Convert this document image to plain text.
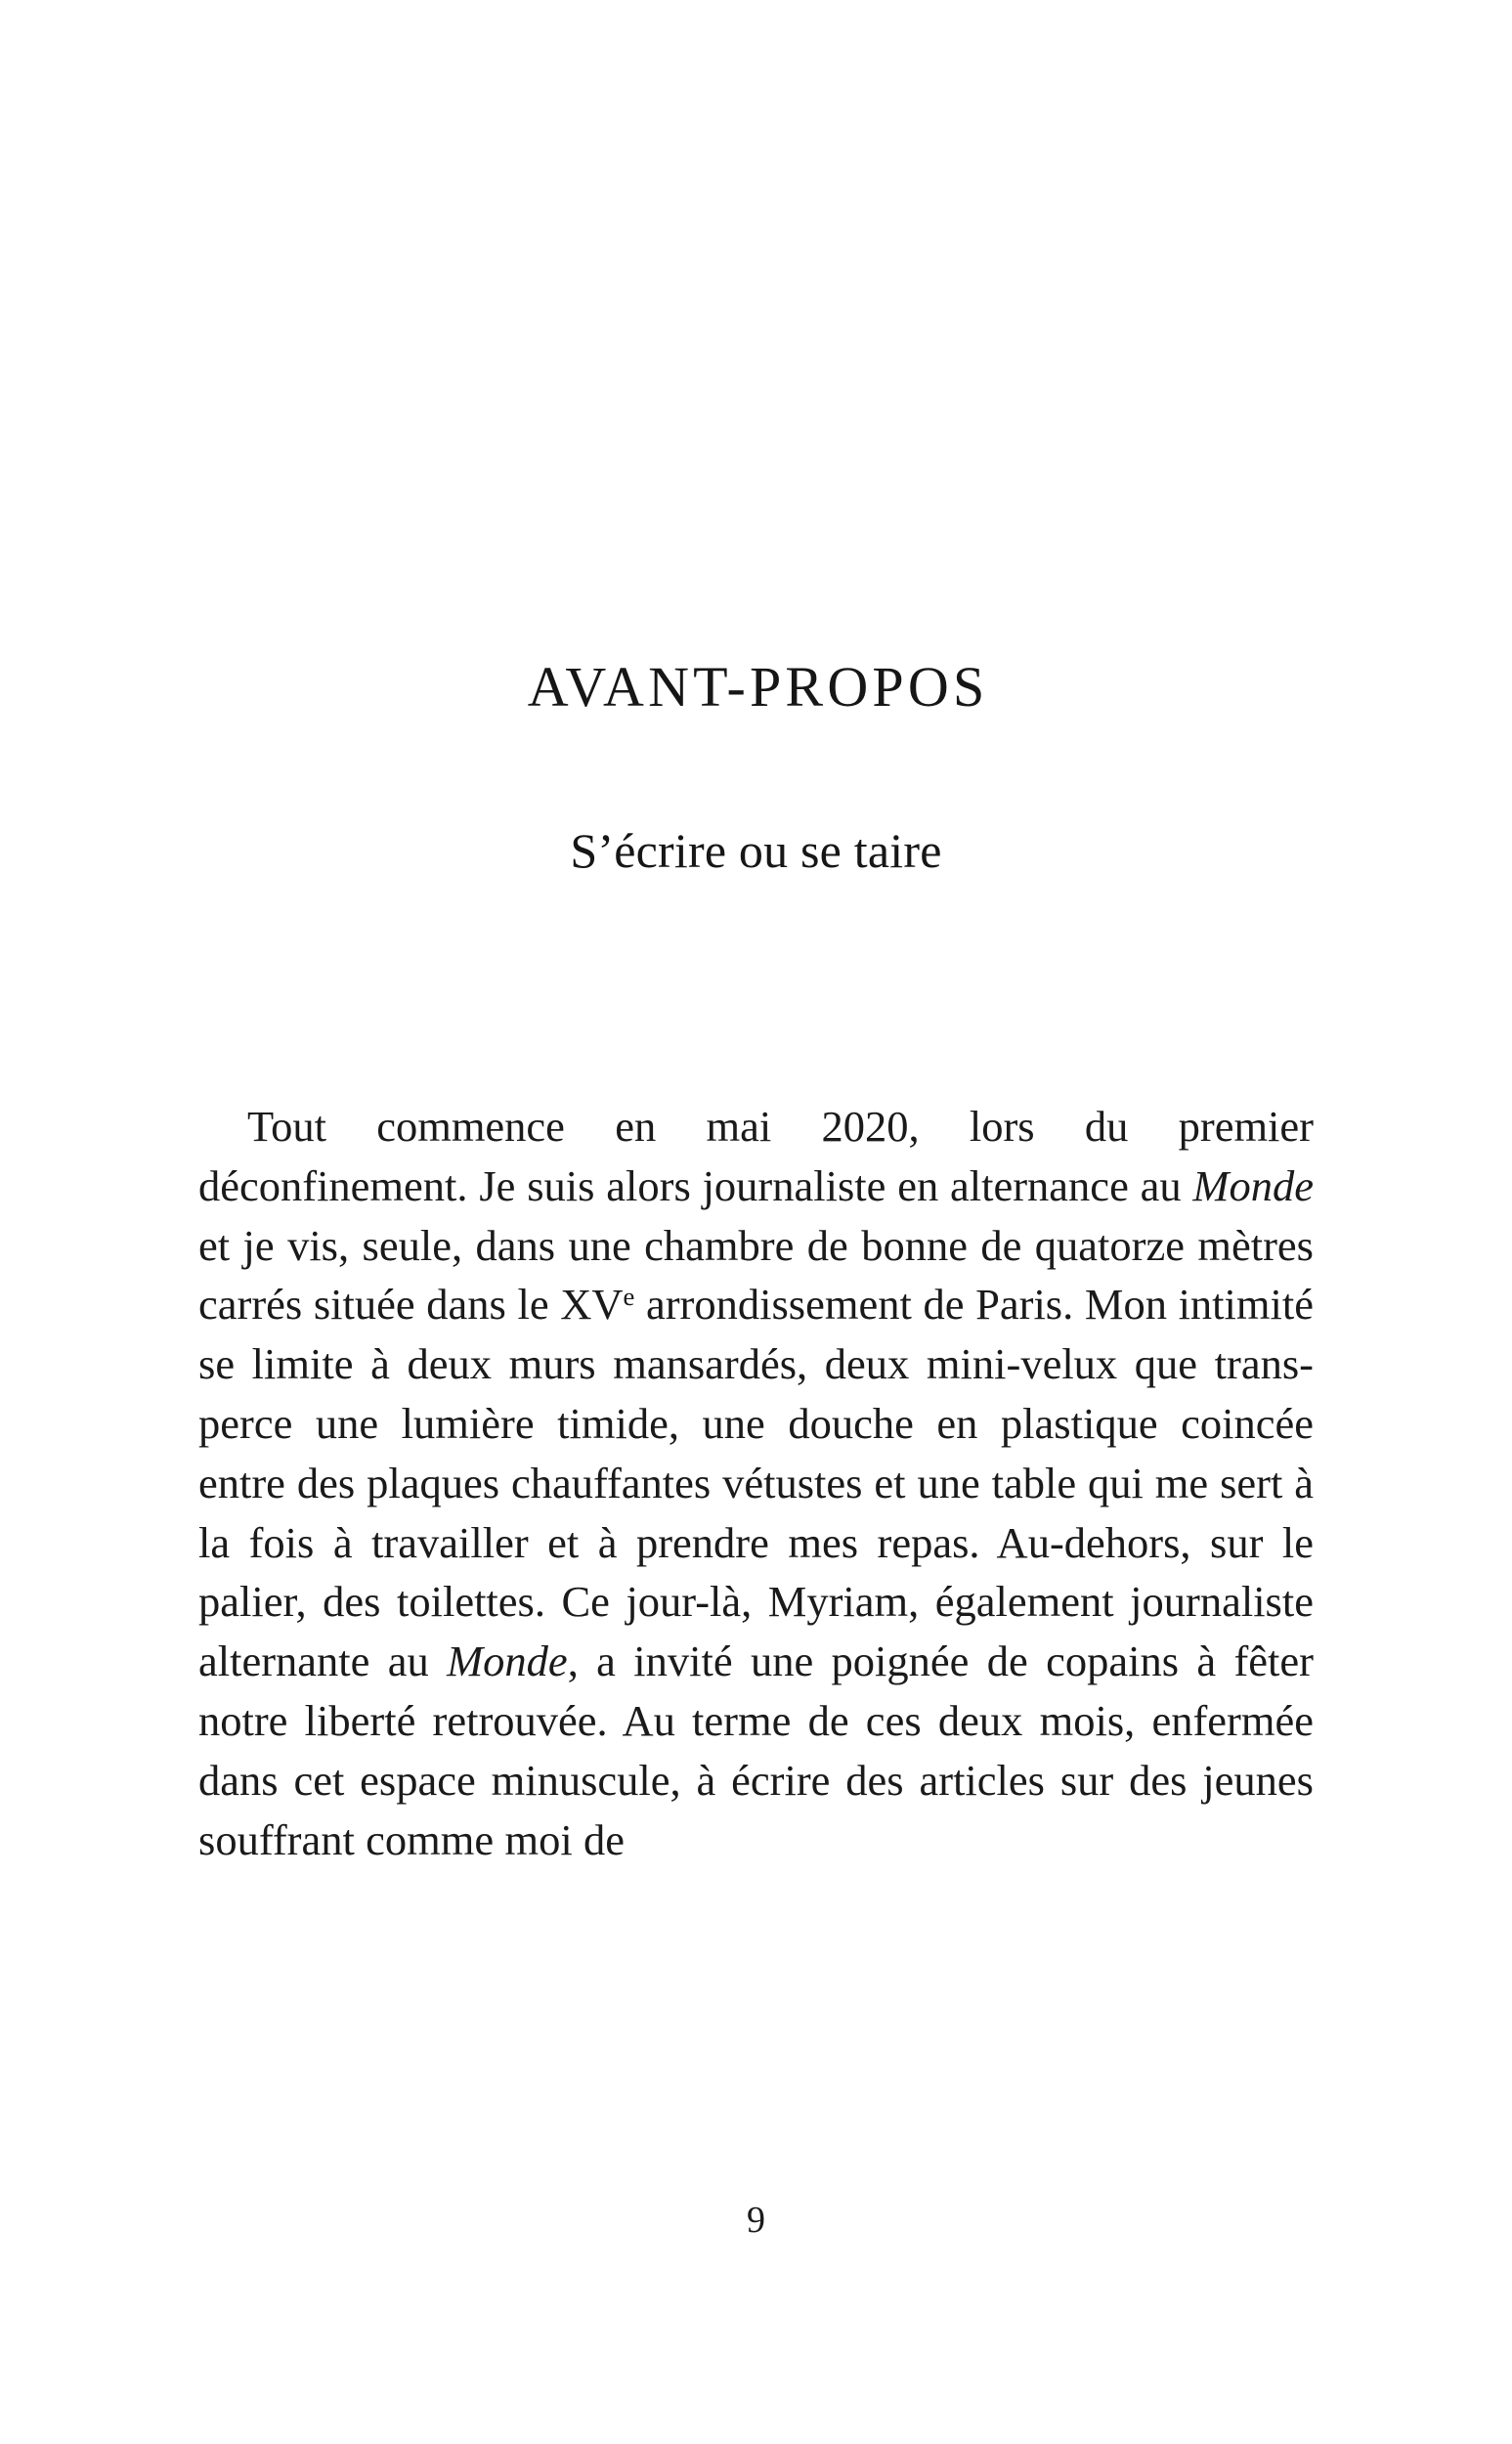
AVANT-PROPOS
S’écrire ou se taire

Tout commence en mai 2020, lors du premier déconfinement. Je suis alors journaliste en alternance au Monde et je vis, seule, dans une chambre de bonne de quatorze mètres carrés située dans le XVe arrondissement de Paris. Mon intimité se limite à deux murs mansardés, deux mini-velux que transperce une lumière timide, une douche en plastique coincée entre des plaques chauffantes vétustes et une table qui me sert à la fois à travailler et à prendre mes repas. Au-dehors, sur le palier, des toilettes. Ce jour-là, Myriam, également journaliste alternante au Monde, a invité une poignée de copains à fêter notre liberté retrouvée. Au terme de ces deux mois, enfermée dans cet espace minuscule, à écrire des articles sur des jeunes souffrant comme moi de

9
